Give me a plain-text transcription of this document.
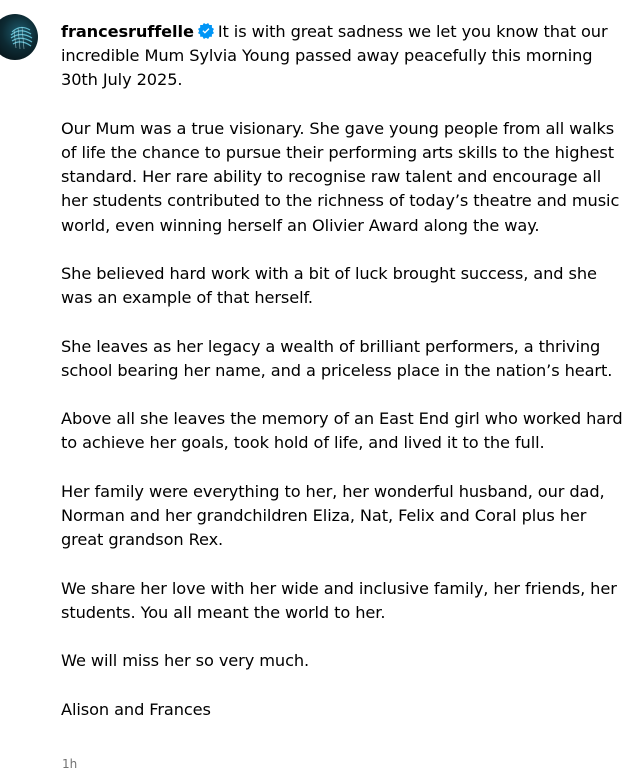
francesruffelle It is with great sadness we let you know that our incredible Mum Sylvia Young passed away peacefully this morning 30th July 2025.

Our Mum was a true visionary. She gave young people from all walks of life the chance to pursue their performing arts skills to the highest standard. Her rare ability to recognise raw talent and encourage all her students contributed to the richness of today’s theatre and music world, even winning herself an Olivier Award along the way.

She believed hard work with a bit of luck brought success, and she was an example of that herself.

She leaves as her legacy a wealth of brilliant performers, a thriving school bearing her name, and a priceless place in the nation’s heart.

Above all she leaves the memory of an East End girl who worked hard to achieve her goals, took hold of life, and lived it to the full.

Her family were everything to her, her wonderful husband, our dad, Norman and her grandchildren Eliza, Nat, Felix and Coral plus her great grandson Rex.

We share her love with her wide and inclusive family, her friends, her students. You all meant the world to her.

We will miss her so very much.

Alison and Frances

1h
